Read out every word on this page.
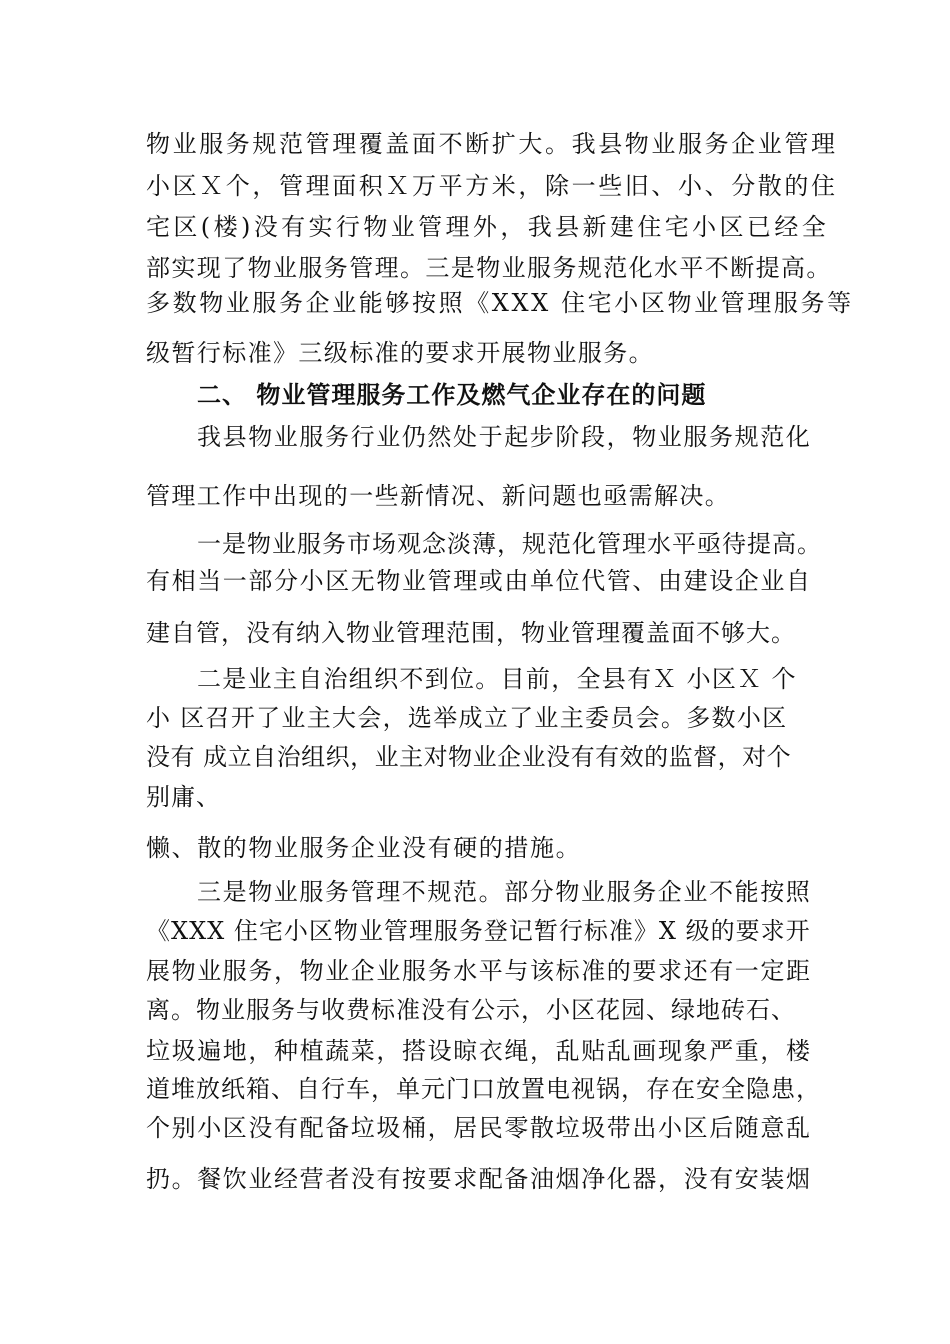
物业服务规范管理覆盖面不断扩大。我县物业服务企业管理
小区Ｘ个，管理面积Ｘ万平方米，除一些旧、小、分散的住
宅区(楼)没有实行物业管理外，我县新建住宅小区已经全
部实现了物业服务管理。三是物业服务规范化水平不断提高。
多数物业服务企业能够按照《XXX 住宅小区物业管理服务等
级暂行标准》三级标准的要求开展物业服务。
二、 物业管理服务工作及燃气企业存在的问题
我县物业服务行业仍然处于起步阶段，物业服务规范化
管理工作中出现的一些新情况、新问题也亟需解决。
一是物业服务市场观念淡薄，规范化管理水平亟待提高。
有相当一部分小区无物业管理或由单位代管、由建设企业自
建自管，没有纳入物业管理范围，物业管理覆盖面不够大。
二是业主自治组织不到位。目前，全县有Ｘ 小区Ｘ 个
小 区召开了业主大会，选举成立了业主委员会。多数小区
没有 成立自治组织，业主对物业企业没有有效的监督，对个
别庸、
懒、散的物业服务企业没有硬的措施。
三是物业服务管理不规范。部分物业服务企业不能按照
《XXX 住宅小区物业管理服务登记暂行标准》X 级的要求开
展物业服务，物业企业服务水平与该标准的要求还有一定距
离。物业服务与收费标准没有公示，小区花园、绿地砖石、
垃圾遍地，种植蔬菜，搭设晾衣绳，乱贴乱画现象严重，楼
道堆放纸箱、自行车，单元门口放置电视锅，存在安全隐患，
个别小区没有配备垃圾桶，居民零散垃圾带出小区后随意乱
扔。餐饮业经营者没有按要求配备油烟净化器，没有安装烟
